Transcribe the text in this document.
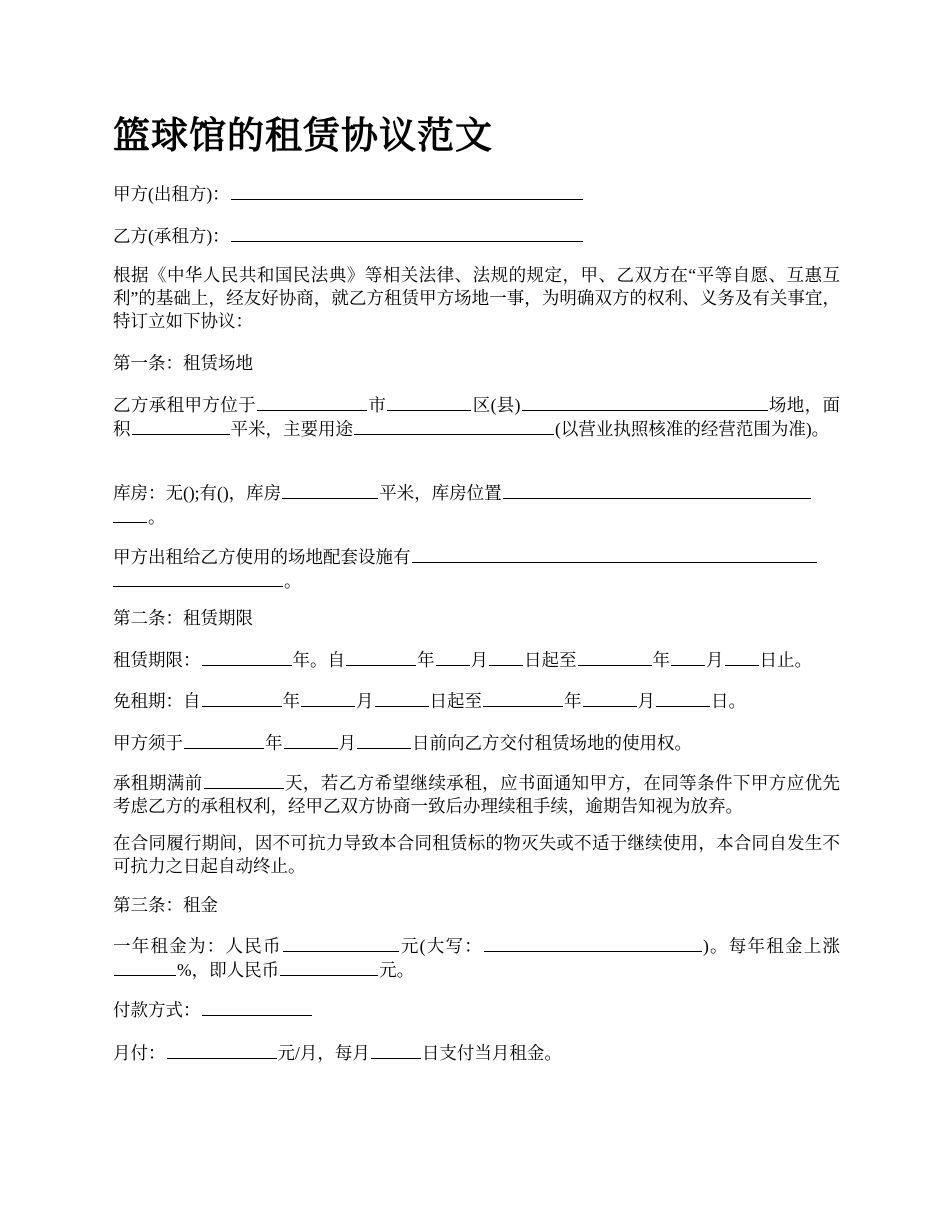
篮球馆的租赁协议范文

甲方(出租方)：

乙方(承租方)：

根据《中华人民共和国民法典》等相关法律、法规的规定，甲、乙双方在“平等自愿、互惠互利”的基础上，经友好协商，就乙方租赁甲方场地一事，为明确双方的权利、义务及有关事宜，特订立如下协议：

第一条：租赁场地

乙方承租甲方位于	市	区(县)	场地，面积	平米，主要用途	(以营业执照核准的经营范围为准)。

库房：无();有()，库房	平米，库房位置。

甲方出租给乙方使用的场地配套设施有。

第二条：租赁期限

租赁期限：	年。自	年 月 日起至	年 月 日止。

免租期：自	年	月	日起至	年	月	日。

甲方须于	年	月	日前向乙方交付租赁场地的使用权。

承租期满前	天，若乙方希望继续承租，应书面通知甲方，在同等条件下甲方应优先考虑乙方的承租权利，经甲乙双方协商一致后办理续租手续，逾期告知视为放弃。

在合同履行期间，因不可抗力导致本合同租赁标的物灭失或不适于继续使用，本合同自发生不可抗力之日起自动终止。

第三条：租金

一年租金为：人民币	元(大写：	)。每年租金上涨%，即人民币	元。

付款方式：

月付：	元/月，每月	日支付当月租金。
